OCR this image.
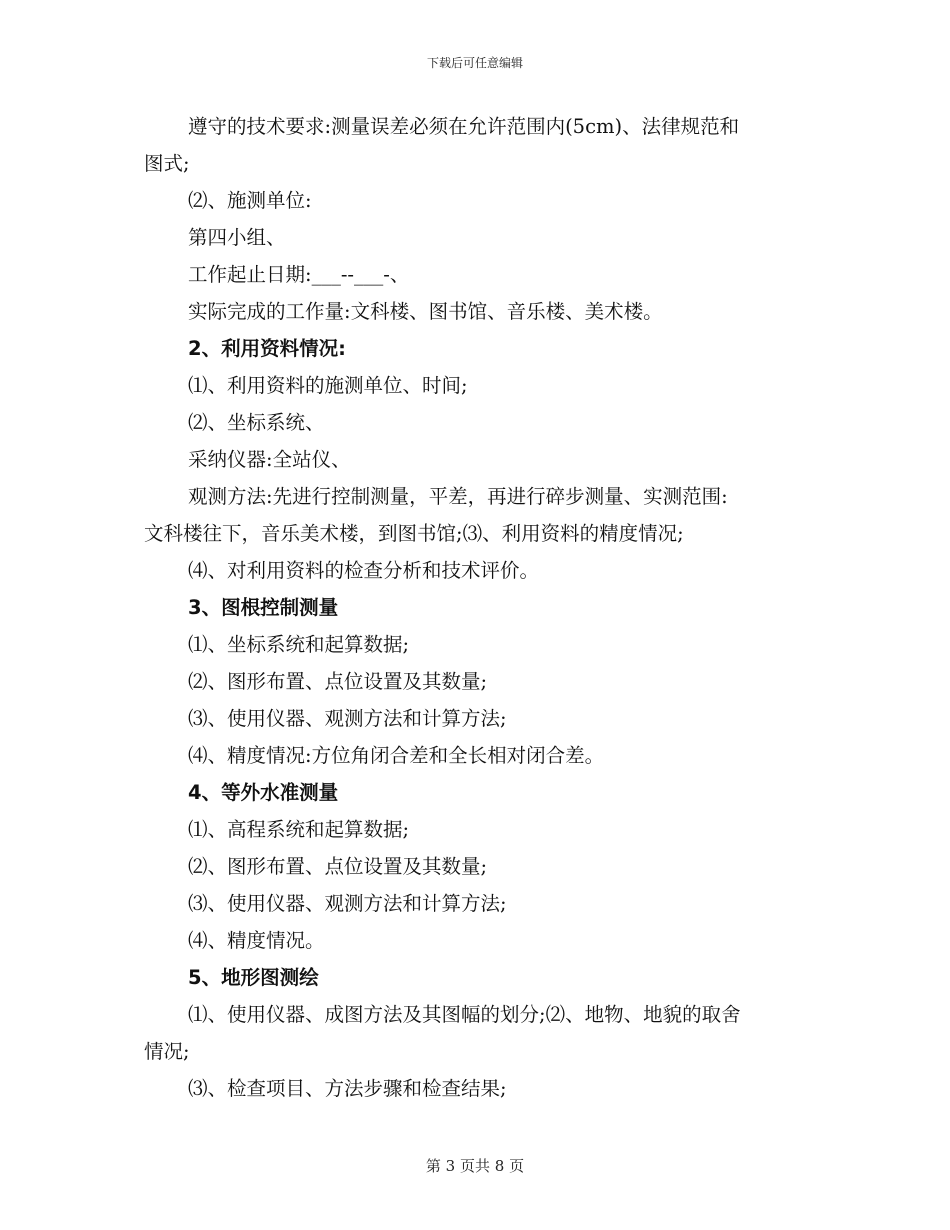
下载后可任意编辑
遵守的技术要求:测量误差必须在允许范围内(5cm)、法律规范和
图式;
⑵、施测单位:
第四小组、
工作起止日期:___--___-、
实际完成的工作量:文科楼、图书馆、音乐楼、美术楼。
2、利用资料情况:
⑴、利用资料的施测单位、时间;
⑵、坐标系统、
采纳仪器:全站仪、
观测方法:先进行控制测量，平差，再进行碎步测量、实测范围:
文科楼往下，音乐美术楼，到图书馆;⑶、利用资料的精度情况;
⑷、对利用资料的检查分析和技术评价。
3、图根控制测量
⑴、坐标系统和起算数据;
⑵、图形布置、点位设置及其数量;
⑶、使用仪器、观测方法和计算方法;
⑷、精度情况:方位角闭合差和全长相对闭合差。
4、等外水准测量
⑴、高程系统和起算数据;
⑵、图形布置、点位设置及其数量;
⑶、使用仪器、观测方法和计算方法;
⑷、精度情况。
5、地形图测绘
⑴、使用仪器、成图方法及其图幅的划分;⑵、地物、地貌的取舍
情况;
⑶、检查项目、方法步骤和检查结果;
第 3 页共 8 页
